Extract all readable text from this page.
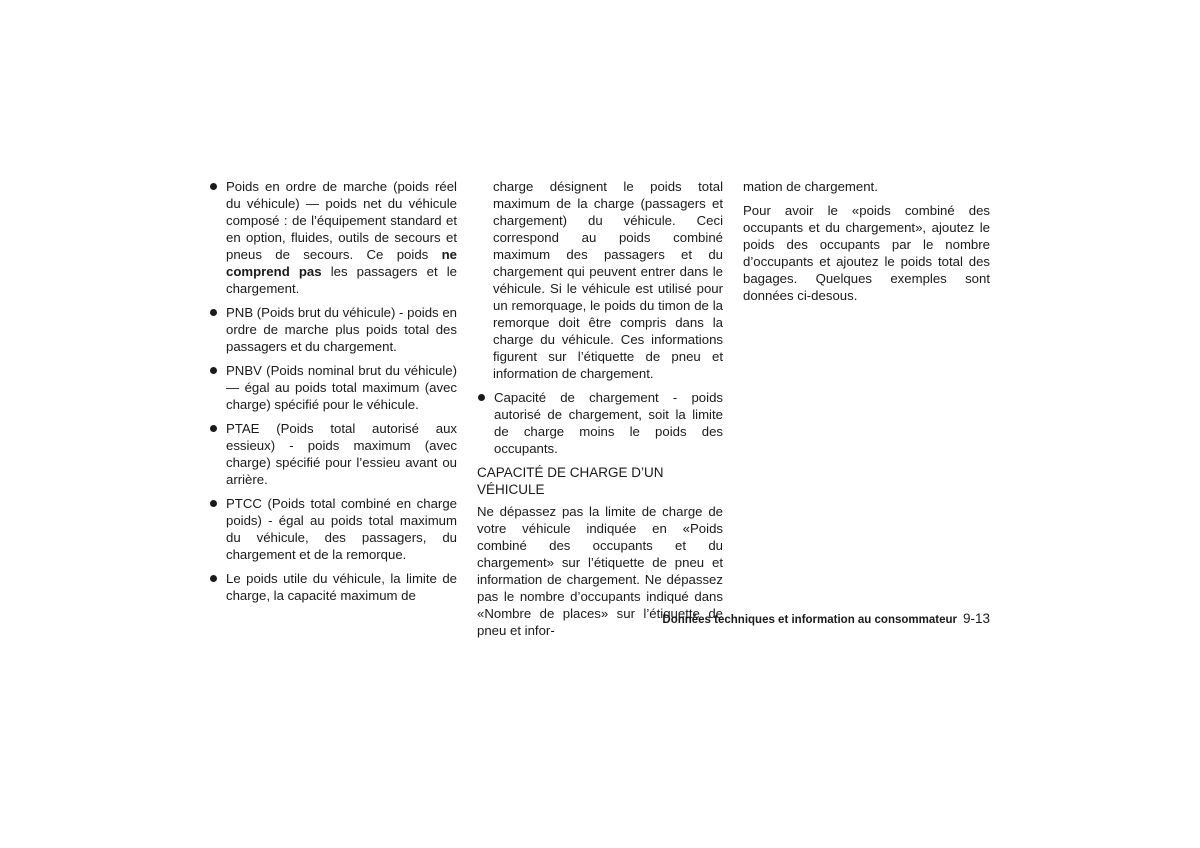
Poids en ordre de marche (poids réel du véhicule) — poids net du véhicule composé : de l’équipement standard et en option, fluides, outils de secours et pneus de secours. Ce poids ne comprend pas les passagers et le chargement.
PNB (Poids brut du véhicule) - poids en ordre de marche plus poids total des passagers et du chargement.
PNBV (Poids nominal brut du véhicule) — égal au poids total maximum (avec charge) spécifié pour le véhicule.
PTAE (Poids total autorisé aux essieux) - poids maximum (avec charge) spécifié pour l’essieu avant ou arrière.
PTCC (Poids total combiné en charge poids) - égal au poids total maximum du véhicule, des passagers, du chargement et de la remorque.
Le poids utile du véhicule, la limite de charge, la capacité maximum de
charge désignent le poids total maximum de la charge (passagers et chargement) du véhicule. Ceci correspond au poids combiné maximum des passagers et du chargement qui peuvent entrer dans le véhicule. Si le véhicule est utilisé pour un remorquage, le poids du timon de la remorque doit être compris dans la charge du véhicule. Ces informations figurent sur l’étiquette de pneu et information de chargement.
Capacité de chargement - poids autorisé de chargement, soit la limite de charge moins le poids des occupants.
CAPACITÉ DE CHARGE D’UN VÉHICULE

Ne dépassez pas la limite de charge de votre véhicule indiquée en «Poids combiné des occupants et du chargement» sur l’étiquette de pneu et information de chargement. Ne dépassez pas le nombre d’occupants indiqué dans «Nombre de places» sur l’étiquette de pneu et infor-

mation de chargement.

Pour avoir le «poids combiné des occupants et du chargement», ajoutez le poids des occupants par le nombre d’occupants et ajoutez le poids total des bagages. Quelques exemples sont données ci-desous.

Données techniques et information au consommateur 9-13
